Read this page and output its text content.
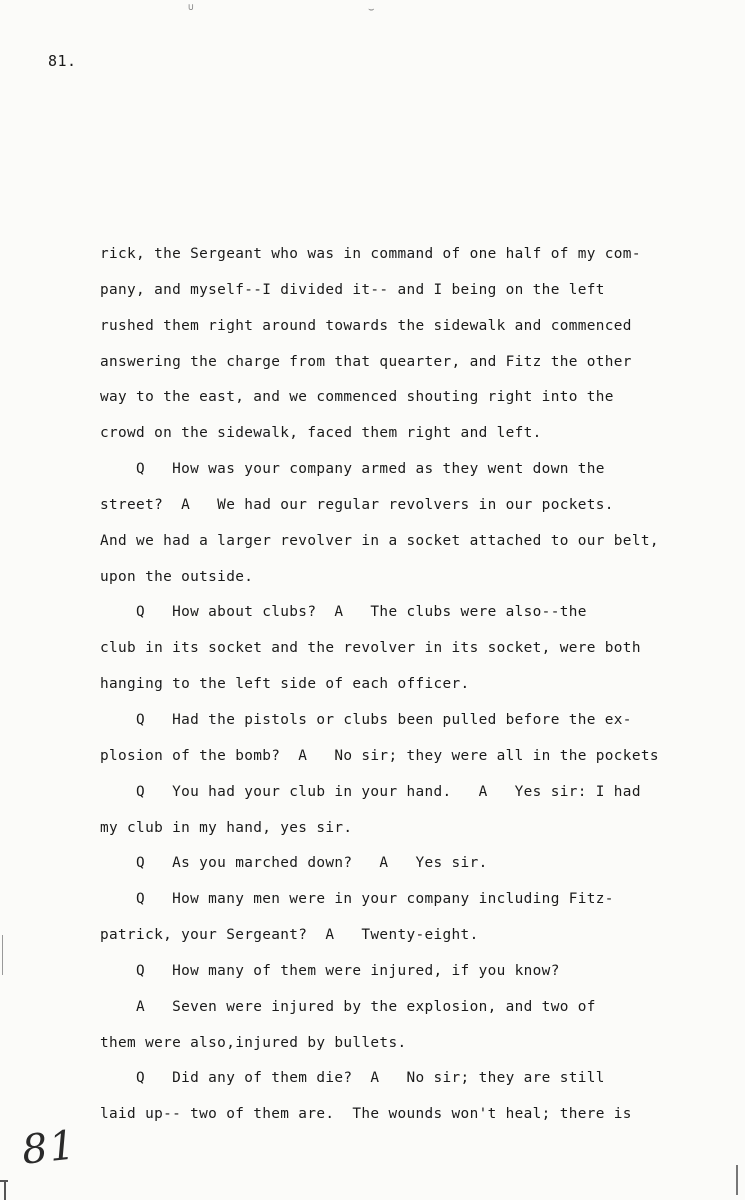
∪	⌣
81.
rick, the Sergeant who was in command of one half of my com-
pany, and myself--I divided it-- and I being on the left
rushed them right around towards the sidewalk and commenced
answering the charge from that quearter, and Fitz the other
way to the east, and we commenced shouting right into the
crowd on the sidewalk, faced them right and left.
Q   How was your company armed as they went down the
street?  A   We had our regular revolvers in our pockets.
And we had a larger revolver in a socket attached to our belt,
upon the outside.
Q   How about clubs?  A   The clubs were also--the
club in its socket and the revolver in its socket, were both
hanging to the left side of each officer.
Q   Had the pistols or clubs been pulled before the ex-
plosion of the bomb?  A   No sir; they were all in the pockets
Q   You had your club in your hand.   A   Yes sir: I had
my club in my hand, yes sir.
Q   As you marched down?   A   Yes sir.
Q   How many men were in your company including Fitz-
patrick, your Sergeant?  A   Twenty-eight.
Q   How many of them were injured, if you know?
A   Seven were injured by the explosion, and two of
them were also,injured by bullets.
Q   Did any of them die?  A   No sir; they are still
laid up-- two of them are.  The wounds won't heal; there is
81
